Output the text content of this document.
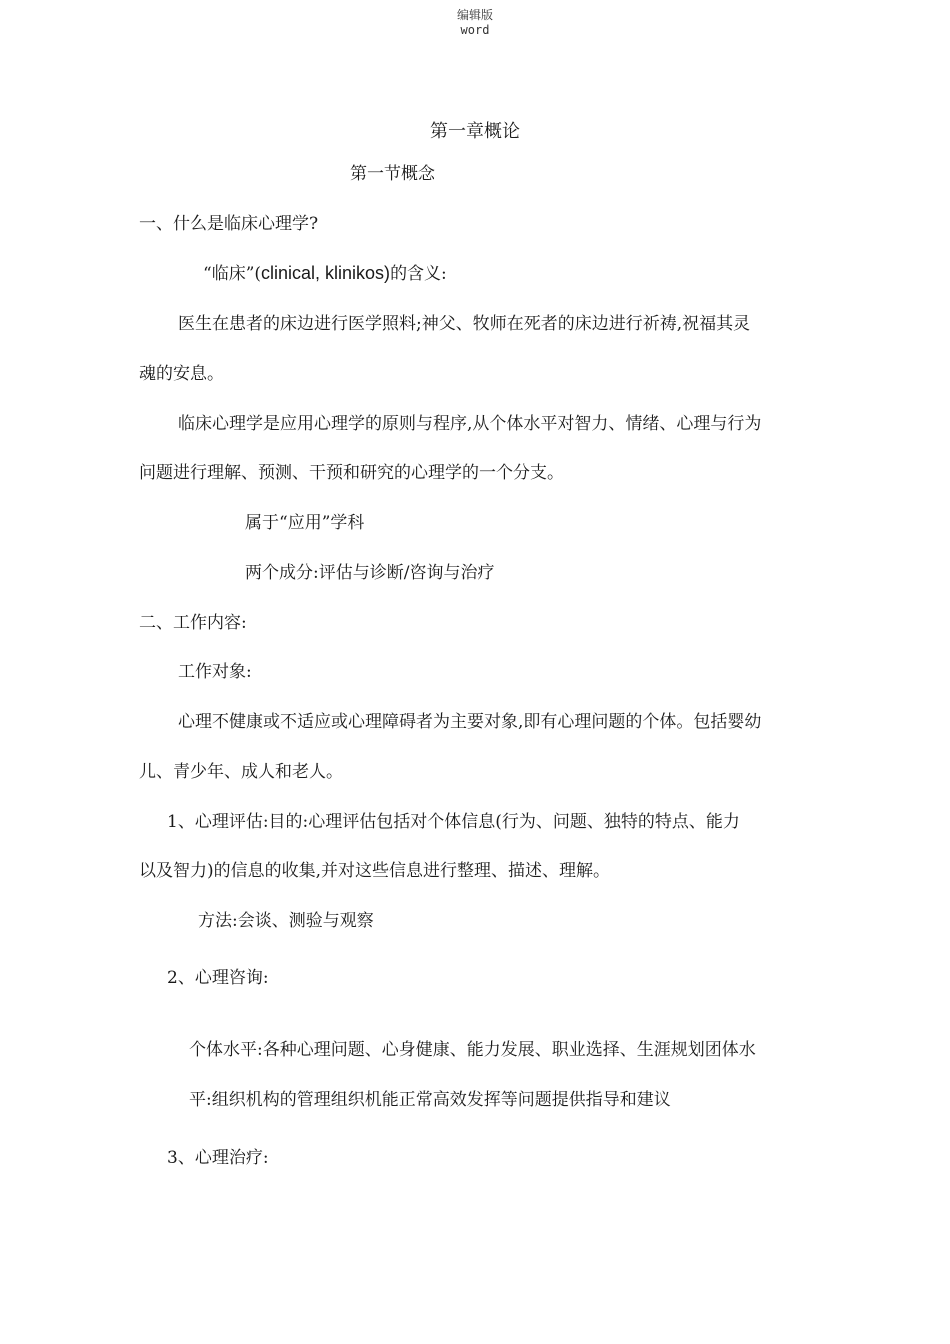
编辑版
word
第一章概论
第一节概念
一、什么是临床心理学?
“临床”(clinical, klinikos)的含义:
医生在患者的床边进行医学照料;神父、牧师在死者的床边进行祈祷,祝福其灵
魂的安息。
临床心理学是应用心理学的原则与程序,从个体水平对智力、情绪、心理与行为
问题进行理解、预测、干预和研究的心理学的一个分支。
属于“应用”学科
两个成分:评估与诊断/咨询与治疗
二、工作内容:
工作对象:
心理不健康或不适应或心理障碍者为主要对象,即有心理问题的个体。包括婴幼
儿、青少年、成人和老人。
1、心理评估:目的:心理评估包括对个体信息(行为、问题、独特的特点、能力
以及智力)的信息的收集,并对这些信息进行整理、描述、理解。
方法:会谈、测验与观察
2、心理咨询:
个体水平:各种心理问题、心身健康、能力发展、职业选择、生涯规划团体水
平:组织机构的管理组织机能正常高效发挥等问题提供指导和建议
3、心理治疗:
